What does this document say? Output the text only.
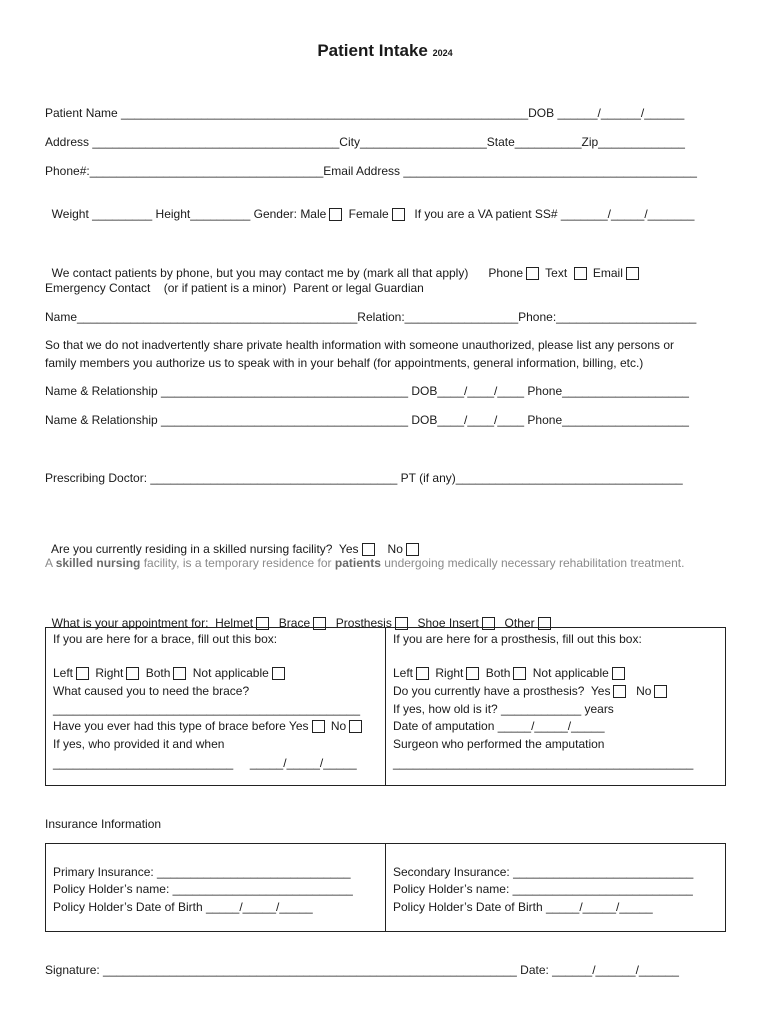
Patient Intake 2024
Patient Name _____________________________________________________________DOB ______/______/______
Address _____________________________________City___________________State__________Zip_____________
Phone#:___________________________________Email Address ____________________________________________

Weight _________ Height_________ Gender: Male Female If you are a VA patient SS# _______/_____/_______

We contact patients by phone, but you may contact me by (mark all that apply) Phone Text Email

Emergency Contact    (or if patient is a minor)  Parent or legal Guardian
Name__________________________________________Relation:_________________Phone:_____________________
So that we do not inadvertently share private health information with someone unauthorized, please list any persons or
family members you authorize us to speak with in your behalf (for appointments, general information, billing, etc.)
Name & Relationship _____________________________________ DOB____/____/____ Phone___________________
Name & Relationship _____________________________________ DOB____/____/____ Phone___________________
Prescribing Doctor: _____________________________________ PT (if any)__________________________________

Are you currently residing in a skilled nursing facility?  Yes No

A skilled nursing facility, is a temporary residence for patients undergoing medically necessary rehabilitation treatment.

What is your appointment for:  Helmet Brace Prosthesis Shoe Insert Other

If you are here for a brace, fill out this box:
Left Right Both Not applicable
What caused you to need the brace?
______________________________________________
Have you ever had this type of brace before Yes No
If yes, who provided it and when
___________________________     _____/_____/_____
If you are here for a prosthesis, fill out this box:
Left Right Both Not applicable
Do you currently have a prosthesis?  Yes No
If yes, how old is it? ____________ years
Date of amputation _____/_____/_____
Surgeon who performed the amputation
_____________________________________________
Insurance Information
Primary Insurance: _____________________________
Policy Holder’s name: ___________________________
Policy Holder’s Date of Birth _____/_____/_____
Secondary Insurance: ___________________________
Policy Holder’s name: ___________________________
Policy Holder’s Date of Birth _____/_____/_____
Signature: ______________________________________________________________ Date: ______/______/______
